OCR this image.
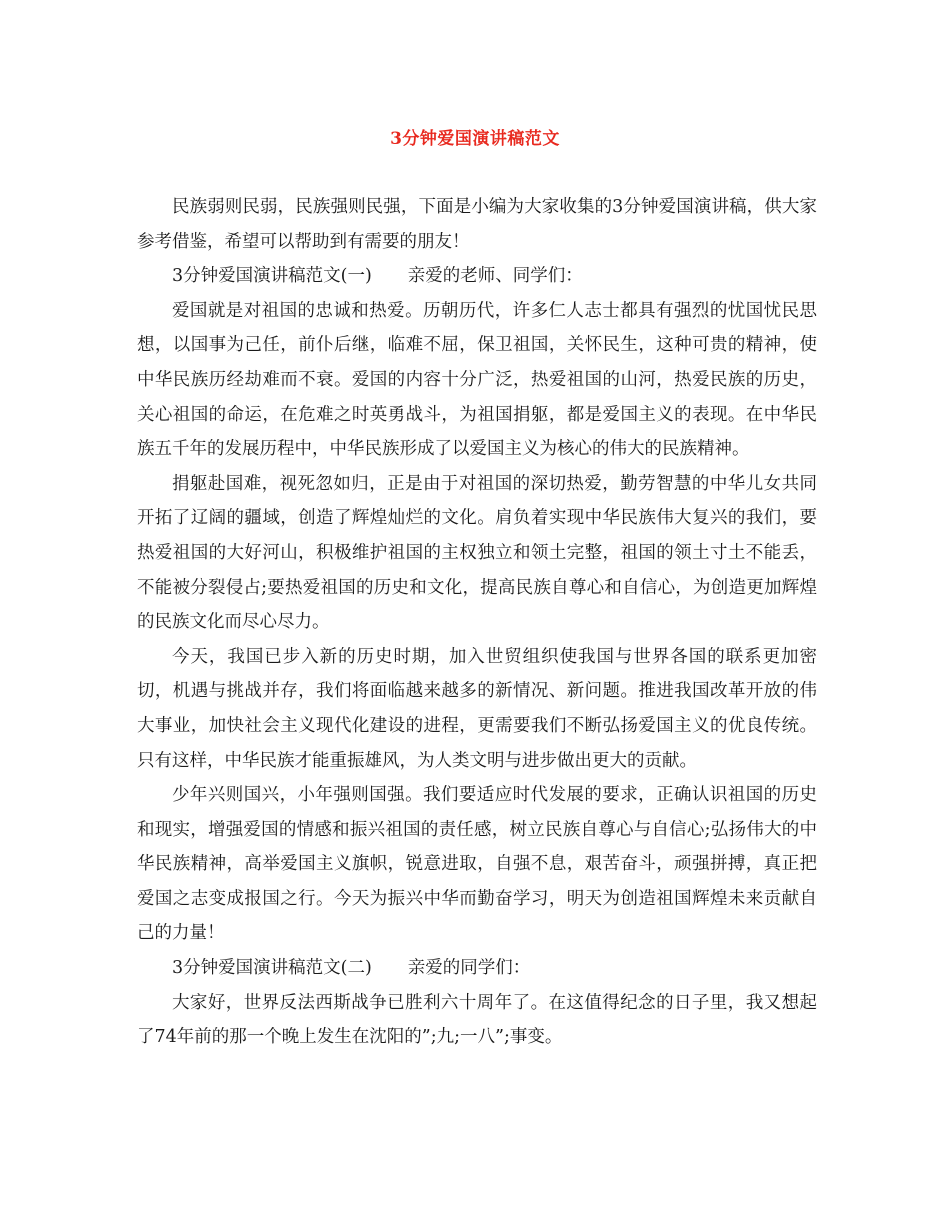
3分钟爱国演讲稿范文

民族弱则民弱，民族强则民强，下面是小编为大家收集的3分钟爱国演讲稿，供大家参考借鉴，希望可以帮助到有需要的朋友！

3分钟爱国演讲稿范文(一) 亲爱的老师、同学们：

爱国就是对祖国的忠诚和热爱。历朝历代，许多仁人志士都具有强烈的忧国忧民思想，以国事为己任，前仆后继，临难不屈，保卫祖国，关怀民生，这种可贵的精神，使中华民族历经劫难而不衰。爱国的内容十分广泛，热爱祖国的山河，热爱民族的历史，关心祖国的命运，在危难之时英勇战斗，为祖国捐躯，都是爱国主义的表现。在中华民族五千年的发展历程中，中华民族形成了以爱国主义为核心的伟大的民族精神。

捐躯赴国难，视死忽如归，正是由于对祖国的深切热爱，勤劳智慧的中华儿女共同开拓了辽阔的疆域，创造了辉煌灿烂的文化。肩负着实现中华民族伟大复兴的我们，要热爱祖国的大好河山，积极维护祖国的主权独立和领土完整，祖国的领土寸土不能丢，不能被分裂侵占;要热爱祖国的历史和文化，提高民族自尊心和自信心，为创造更加辉煌的民族文化而尽心尽力。

今天，我国已步入新的历史时期，加入世贸组织使我国与世界各国的联系更加密切，机遇与挑战并存，我们将面临越来越多的新情况、新问题。推进我国改革开放的伟大事业，加快社会主义现代化建设的进程，更需要我们不断弘扬爱国主义的优良传统。只有这样，中华民族才能重振雄风，为人类文明与进步做出更大的贡献。

少年兴则国兴，小年强则国强。我们要适应时代发展的要求，正确认识祖国的历史和现实，增强爱国的情感和振兴祖国的责任感，树立民族自尊心与自信心;弘扬伟大的中华民族精神，高举爱国主义旗帜，锐意进取，自强不息，艰苦奋斗，顽强拼搏，真正把爱国之志变成报国之行。今天为振兴中华而勤奋学习，明天为创造祖国辉煌未来贡献自己的力量！

3分钟爱国演讲稿范文(二) 亲爱的同学们：

大家好，世界反法西斯战争已胜利六十周年了。在这值得纪念的日子里，我又想起了74年前的那一个晚上发生在沈阳的”;九;一八”;事变。
